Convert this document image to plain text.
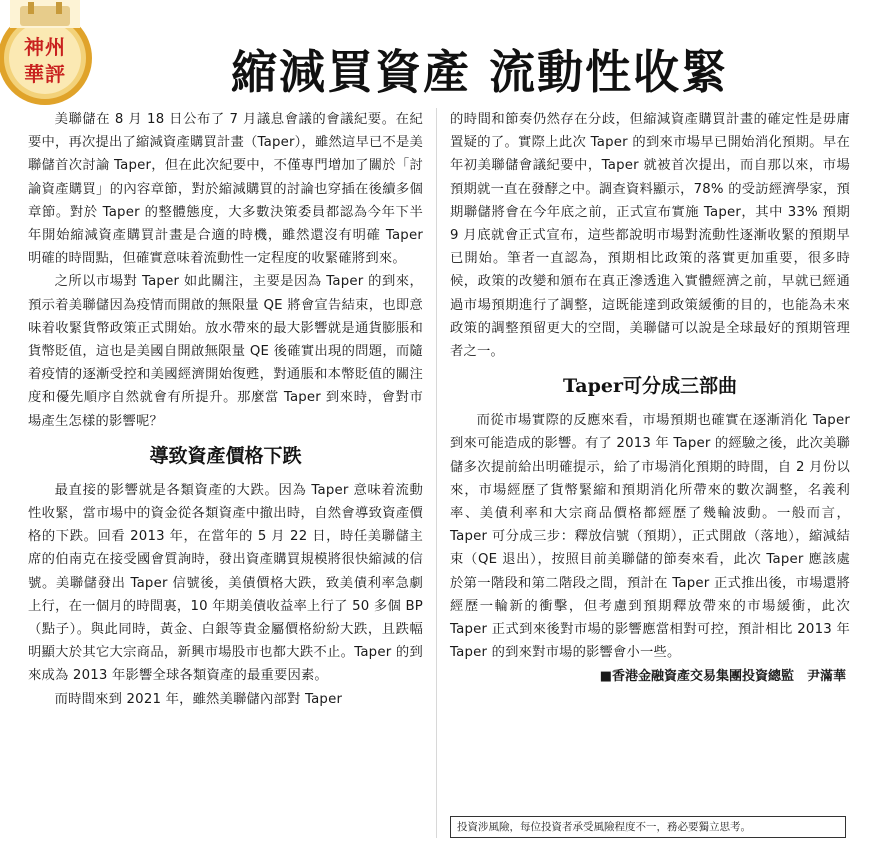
神州
華評	縮減買資產 流動性收緊

美聯儲在 8 月 18 日公布了 7 月議息會議的會議紀要。在紀要中，再次提出了縮減資產購買計畫（Taper），雖然這早已不是美聯儲首次討論 Taper，但在此次紀要中，不僅專門增加了關於「討論資產購買」的內容章節，對於縮減購買的討論也穿插在後續多個章節。對於 Taper 的整體態度，大多數決策委員都認為今年下半年開始縮減資產購買計畫是合適的時機，雖然還沒有明確 Taper 明確的時間點，但確實意味着流動性一定程度的收緊確將到來。

之所以市場對 Taper 如此關注，主要是因為 Taper 的到來，預示着美聯儲因為疫情而開啟的無限量 QE 將會宣告結束，也即意味着收緊貨幣政策正式開始。放水帶來的最大影響就是通貨膨脹和貨幣貶值，這也是美國自開啟無限量 QE 後確實出現的問題，而隨着疫情的逐漸受控和美國經濟開始復甦，對通脹和本幣貶值的關注度和優先順序自然就會有所提升。那麼當 Taper 到來時，會對市場產生怎樣的影響呢？

導致資產價格下跌

最直接的影響就是各類資產的大跌。因為 Taper 意味着流動性收緊，當市場中的資金從各類資產中撤出時，自然會導致資產價格的下跌。回看 2013 年，在當年的 5 月 22 日，時任美聯儲主席的伯南克在接受國會質詢時，發出資產購買規模將很快縮減的信號。美聯儲發出 Taper 信號後，美債價格大跌，致美債利率急劇上行，在一個月的時間裏，10 年期美債收益率上行了 50 多個 BP（點子）。與此同時，黃金、白銀等貴金屬價格紛紛大跌，且跌幅明顯大於其它大宗商品，新興市場股市也都大跌不止。Taper 的到來成為 2013 年影響全球各類資產的最重要因素。

而時間來到 2021 年，雖然美聯儲內部對 Taper

的時間和節奏仍然存在分歧，但縮減資產購買計畫的確定性是毋庸置疑的了。實際上此次 Taper 的到來市場早已開始消化預期。早在年初美聯儲會議紀要中，Taper 就被首次提出，而自那以來，市場預期就一直在發酵之中。調查資料顯示，78% 的受訪經濟學家，預期聯儲將會在今年底之前，正式宣布實施 Taper，其中 33% 預期 9 月底就會正式宣布，這些都說明市場對流動性逐漸收緊的預期早已開始。筆者一直認為，預期相比政策的落實更加重要，很多時候，政策的改變和頒布在真正滲透進入實體經濟之前，早就已經通過市場預期進行了調整，這既能達到政策緩衝的目的，也能為未來政策的調整預留更大的空間，美聯儲可以說是全球最好的預期管理者之一。

Taper可分成三部曲

而從市場實際的反應來看，市場預期也確實在逐漸消化 Taper 到來可能造成的影響。有了 2013 年 Taper 的經驗之後，此次美聯儲多次提前給出明確提示，給了市場消化預期的時間，自 2 月份以來，市場經歷了貨幣緊縮和預期消化所帶來的數次調整，名義利率、美債利率和大宗商品價格都經歷了幾輪波動。一般而言，Taper 可分成三步：釋放信號（預期），正式開啟（落地），縮減結束（QE 退出），按照目前美聯儲的節奏來看，此次 Taper 應該處於第一階段和第二階段之間，預計在 Taper 正式推出後，市場還將經歷一輪新的衝擊，但考慮到預期釋放帶來的市場緩衝，此次 Taper 正式到來後對市場的影響應當相對可控，預計相比 2013 年 Taper 的到來對市場的影響會小一些。

■香港金融資產交易集團投資總監　尹滿華
投資涉風險，每位投資者承受風險程度不一，務必要獨立思考。
